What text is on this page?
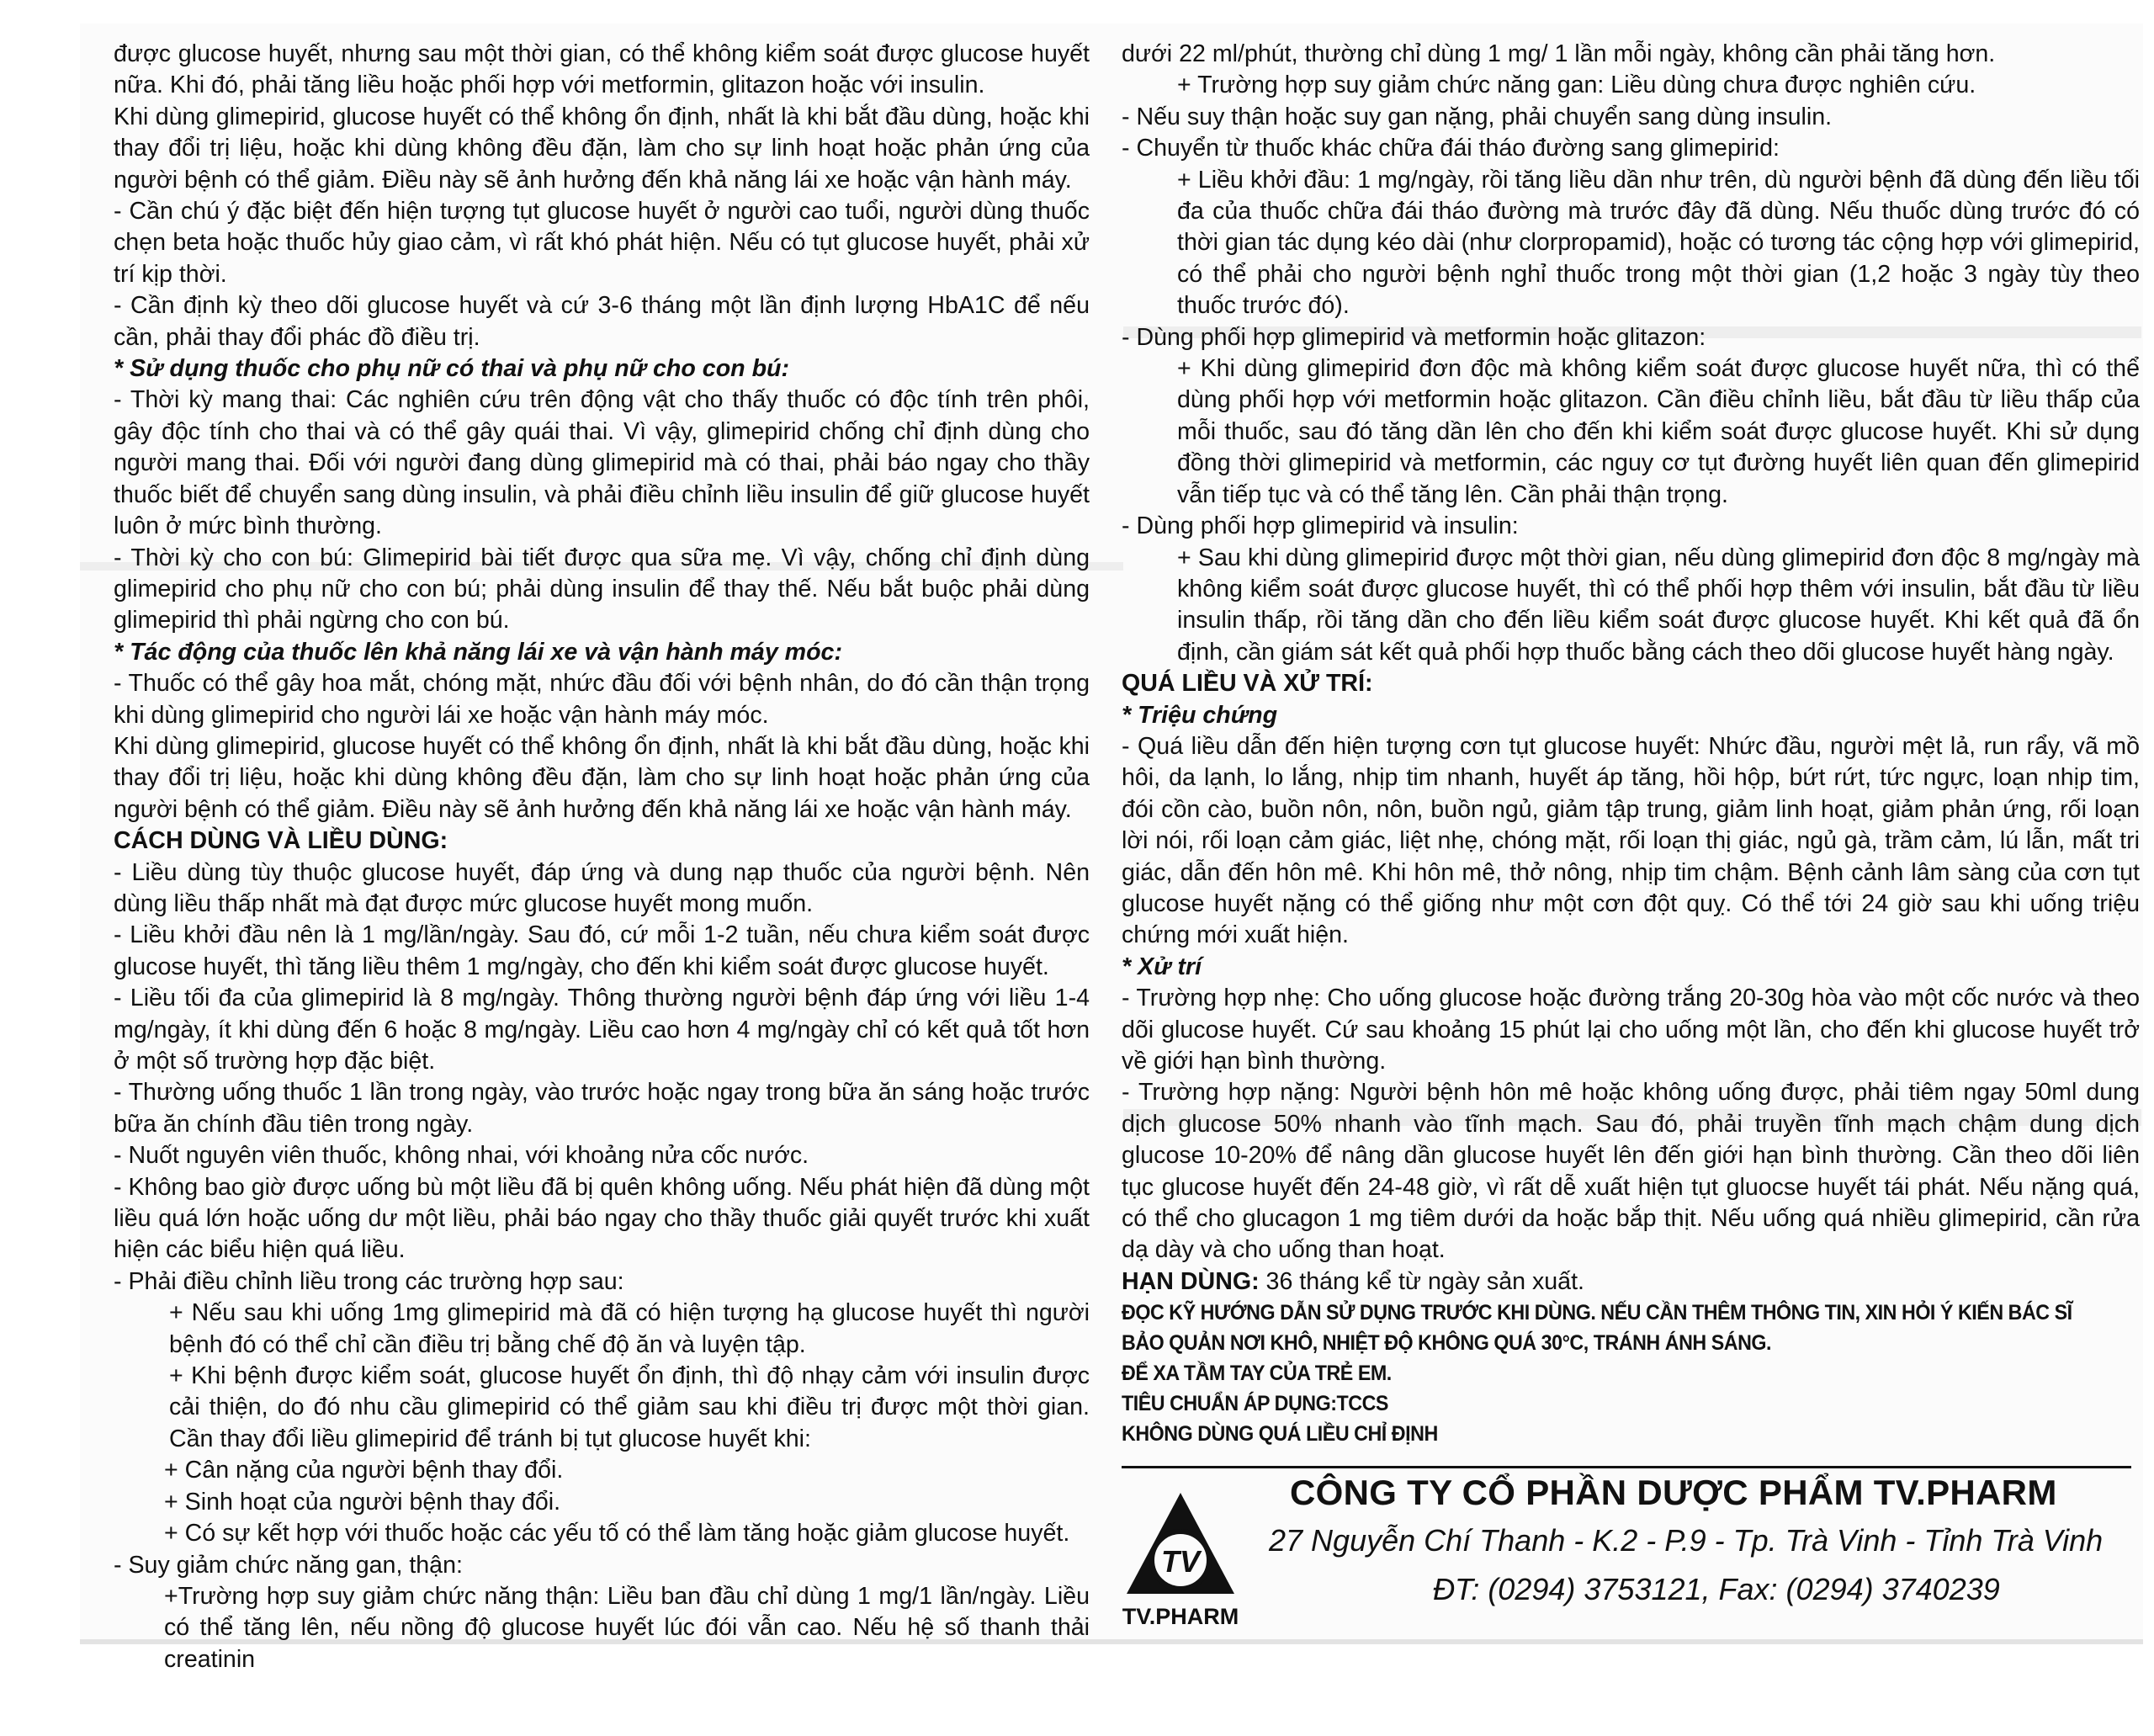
được glucose huyết, nhưng sau một thời gian, có thể không kiểm soát được glucose huyết nữa. Khi đó, phải tăng liều hoặc phối hợp với metformin, glitazon hoặc với insulin.
Khi dùng glimepirid, glucose huyết có thể không ổn định, nhất là khi bắt đầu dùng, hoặc khi thay đổi trị liệu, hoặc khi dùng không đều đặn, làm cho sự linh hoạt hoặc phản ứng của người bệnh có thể giảm. Điều này sẽ ảnh hưởng đến khả năng lái xe hoặc vận hành máy.
- Cần chú ý đặc biệt đến hiện tượng tụt glucose huyết ở người cao tuổi, người dùng thuốc chẹn beta hoặc thuốc hủy giao cảm, vì rất khó phát hiện. Nếu có tụt glucose huyết, phải xử trí kịp thời.
- Cần định kỳ theo dõi glucose huyết và cứ 3-6 tháng một lần định lượng HbA1C để nếu cần, phải thay đổi phác đồ điều trị.
* Sử dụng thuốc cho phụ nữ có thai và phụ nữ cho con bú:
- Thời kỳ mang thai: Các nghiên cứu trên động vật cho thấy thuốc có độc tính trên phôi, gây độc tính cho thai và có thể gây quái thai. Vì vậy, glimepirid chống chỉ định dùng cho người mang thai. Đối với người đang dùng glimepirid mà có thai, phải báo ngay cho thầy thuốc biết để chuyển sang dùng insulin, và phải điều chỉnh liều insulin để giữ glucose huyết luôn ở mức bình thường.
- Thời kỳ cho con bú: Glimepirid bài tiết được qua sữa mẹ. Vì vậy, chống chỉ định dùng glimepirid cho phụ nữ cho con bú; phải dùng insulin để thay thế. Nếu bắt buộc phải dùng glimepirid thì phải ngừng cho con bú.
* Tác động của thuốc lên khả năng lái xe và vận hành máy móc:
- Thuốc có thể gây hoa mắt, chóng mặt, nhức đầu đối với bệnh nhân, do đó cần thận trọng khi dùng glimepirid cho người lái xe hoặc vận hành máy móc.
Khi dùng glimepirid, glucose huyết có thể không ổn định, nhất là khi bắt đầu dùng, hoặc khi thay đổi trị liệu, hoặc khi dùng không đều đặn, làm cho sự linh hoạt hoặc phản ứng của người bệnh có thể giảm. Điều này sẽ ảnh hưởng đến khả năng lái xe hoặc vận hành máy.
CÁCH DÙNG VÀ LIỀU DÙNG:
- Liều dùng tùy thuộc glucose huyết, đáp ứng và dung nạp thuốc của người bệnh. Nên dùng liều thấp nhất mà đạt được mức glucose huyết mong muốn.
- Liều khởi đầu nên là 1 mg/lần/ngày. Sau đó, cứ mỗi 1-2 tuần, nếu chưa kiểm soát được glucose huyết, thì tăng liều thêm 1 mg/ngày, cho đến khi kiểm soát được glucose huyết.
- Liều tối đa của glimepirid là 8 mg/ngày. Thông thường người bệnh đáp ứng với liều 1-4 mg/ngày, ít khi dùng đến 6 hoặc 8 mg/ngày. Liều cao hơn 4 mg/ngày chỉ có kết quả tốt hơn ở một số trường hợp đặc biệt.
- Thường uống thuốc 1 lần trong ngày, vào trước hoặc ngay trong bữa ăn sáng hoặc trước bữa ăn chính đầu tiên trong ngày.
- Nuốt nguyên viên thuốc, không nhai, với khoảng nửa cốc nước.
- Không bao giờ được uống bù một liều đã bị quên không uống. Nếu phát hiện đã dùng một liều quá lớn hoặc uống dư một liều, phải báo ngay cho thầy thuốc giải quyết trước khi xuất hiện các biểu hiện quá liều.
- Phải điều chỉnh liều trong các trường hợp sau:
+ Nếu sau khi uống 1mg glimepirid mà đã có hiện tượng hạ glucose huyết thì người bệnh đó có thể chỉ cần điều trị bằng chế độ ăn và luyện tập.
+ Khi bệnh được kiểm soát, glucose huyết ổn định, thì độ nhạy cảm với insulin được cải thiện, do đó nhu cầu glimepirid có thể giảm sau khi điều trị được một thời gian. Cần thay đổi liều glimepirid để tránh bị tụt glucose huyết khi:
+ Cân nặng của người bệnh thay đổi.
+ Sinh hoạt của người bệnh thay đổi.
+ Có sự kết hợp với thuốc hoặc các yếu tố có thể làm tăng hoặc giảm glucose huyết.
- Suy giảm chức năng gan, thận:
+Trường hợp suy giảm chức năng thận: Liều ban đầu chỉ dùng 1 mg/1 lần/ngày. Liều có thể tăng lên, nếu nồng độ glucose huyết lúc đói vẫn cao. Nếu hệ số thanh thải creatinin
dưới 22 ml/phút, thường chỉ dùng 1 mg/ 1 lần mỗi ngày, không cần phải tăng hơn.
+ Trường hợp suy giảm chức năng gan: Liều dùng chưa được nghiên cứu.
- Nếu suy thận hoặc suy gan nặng, phải chuyển sang dùng insulin.
- Chuyển từ thuốc khác chữa đái tháo đường sang glimepirid:
+ Liều khởi đầu: 1 mg/ngày, rồi tăng liều dần như trên, dù người bệnh đã dùng đến liều tối đa của thuốc chữa đái tháo đường mà trước đây đã dùng. Nếu thuốc dùng trước đó có thời gian tác dụng kéo dài (như clorpropamid), hoặc có tương tác cộng hợp với glimepirid, có thể phải cho người bệnh nghỉ thuốc trong một thời gian (1,2 hoặc 3 ngày tùy theo thuốc trước đó).
- Dùng phối hợp glimepirid và metformin hoặc glitazon:
+ Khi dùng glimepirid đơn độc mà không kiểm soát được glucose huyết nữa, thì có thể dùng phối hợp với metformin hoặc glitazon. Cần điều chỉnh liều, bắt đầu từ liều thấp của mỗi thuốc, sau đó tăng dần lên cho đến khi kiểm soát được glucose huyết. Khi sử dụng đồng thời glimepirid và metformin, các nguy cơ tụt đường huyết liên quan đến glimepirid vẫn tiếp tục và có thể tăng lên. Cần phải thận trọng.
- Dùng phối hợp glimepirid và insulin:
+ Sau khi dùng glimepirid được một thời gian, nếu dùng glimepirid đơn độc 8 mg/ngày mà không kiểm soát được glucose huyết, thì có thể phối hợp thêm với insulin, bắt đầu từ liều insulin thấp, rồi tăng dần cho đến liều kiểm soát được glucose huyết. Khi kết quả đã ổn định, cần giám sát kết quả phối hợp thuốc bằng cách theo dõi glucose huyết hàng ngày.
QUÁ LIỀU VÀ XỬ TRÍ:
* Triệu chứng
- Quá liều dẫn đến hiện tượng cơn tụt glucose huyết: Nhức đầu, người mệt lả, run rẩy, vã mồ hôi, da lạnh, lo lắng, nhịp tim nhanh, huyết áp tăng, hồi hộp, bứt rứt, tức ngực, loạn nhịp tim, đói cồn cào, buồn nôn, nôn, buồn ngủ, giảm tập trung, giảm linh hoạt, giảm phản ứng, rối loạn lời nói, rối loạn cảm giác, liệt nhẹ, chóng mặt, rối loạn thị giác, ngủ gà, trầm cảm, lú lẫn, mất tri giác, dẫn đến hôn mê. Khi hôn mê, thở nông, nhịp tim chậm. Bệnh cảnh lâm sàng của cơn tụt glucose huyết nặng có thể giống như một cơn đột quỵ. Có thể tới 24 giờ sau khi uống triệu chứng mới xuất hiện.
* Xử trí
- Trường hợp nhẹ: Cho uống glucose hoặc đường trắng 20-30g hòa vào một cốc nước và theo dõi glucose huyết. Cứ sau khoảng 15 phút lại cho uống một lần, cho đến khi glucose huyết trở về giới hạn bình thường.
- Trường hợp nặng: Người bệnh hôn mê hoặc không uống được, phải tiêm ngay 50ml dung dịch glucose 50% nhanh vào tĩnh mạch. Sau đó, phải truyền tĩnh mạch chậm dung dịch glucose 10-20% để nâng dần glucose huyết lên đến giới hạn bình thường. Cần theo dõi liên tục glucose huyết đến 24-48 giờ, vì rất dễ xuất hiện tụt gluocse huyết tái phát. Nếu nặng quá, có thể cho glucagon 1 mg tiêm dưới da hoặc bắp thịt. Nếu uống quá nhiều glimepirid, cần rửa dạ dày và cho uống than hoạt.
HẠN DÙNG: 36 tháng kể từ ngày sản xuất.
ĐỌC KỸ HƯỚNG DẪN SỬ DỤNG TRƯỚC KHI DÙNG. NẾU CẦN THÊM THÔNG TIN, XIN HỎI Ý KIẾN BÁC SĨ
BẢO QUẢN NƠI KHÔ, NHIỆT ĐỘ KHÔNG QUÁ 30°C, TRÁNH ÁNH SÁNG.
ĐỂ XA TẦM TAY CỦA TRẺ EM.
TIÊU CHUẨN ÁP DỤNG:TCCS
KHÔNG DÙNG QUÁ LIỀU CHỈ ĐỊNH
TV
TV.PHARM
CÔNG TY CỔ PHẦN DƯỢC PHẨM TV.PHARM
27 Nguyễn Chí Thanh - K.2 - P.9 - Tp. Trà Vinh - Tỉnh Trà Vinh
ĐT: (0294) 3753121, Fax: (0294) 3740239
